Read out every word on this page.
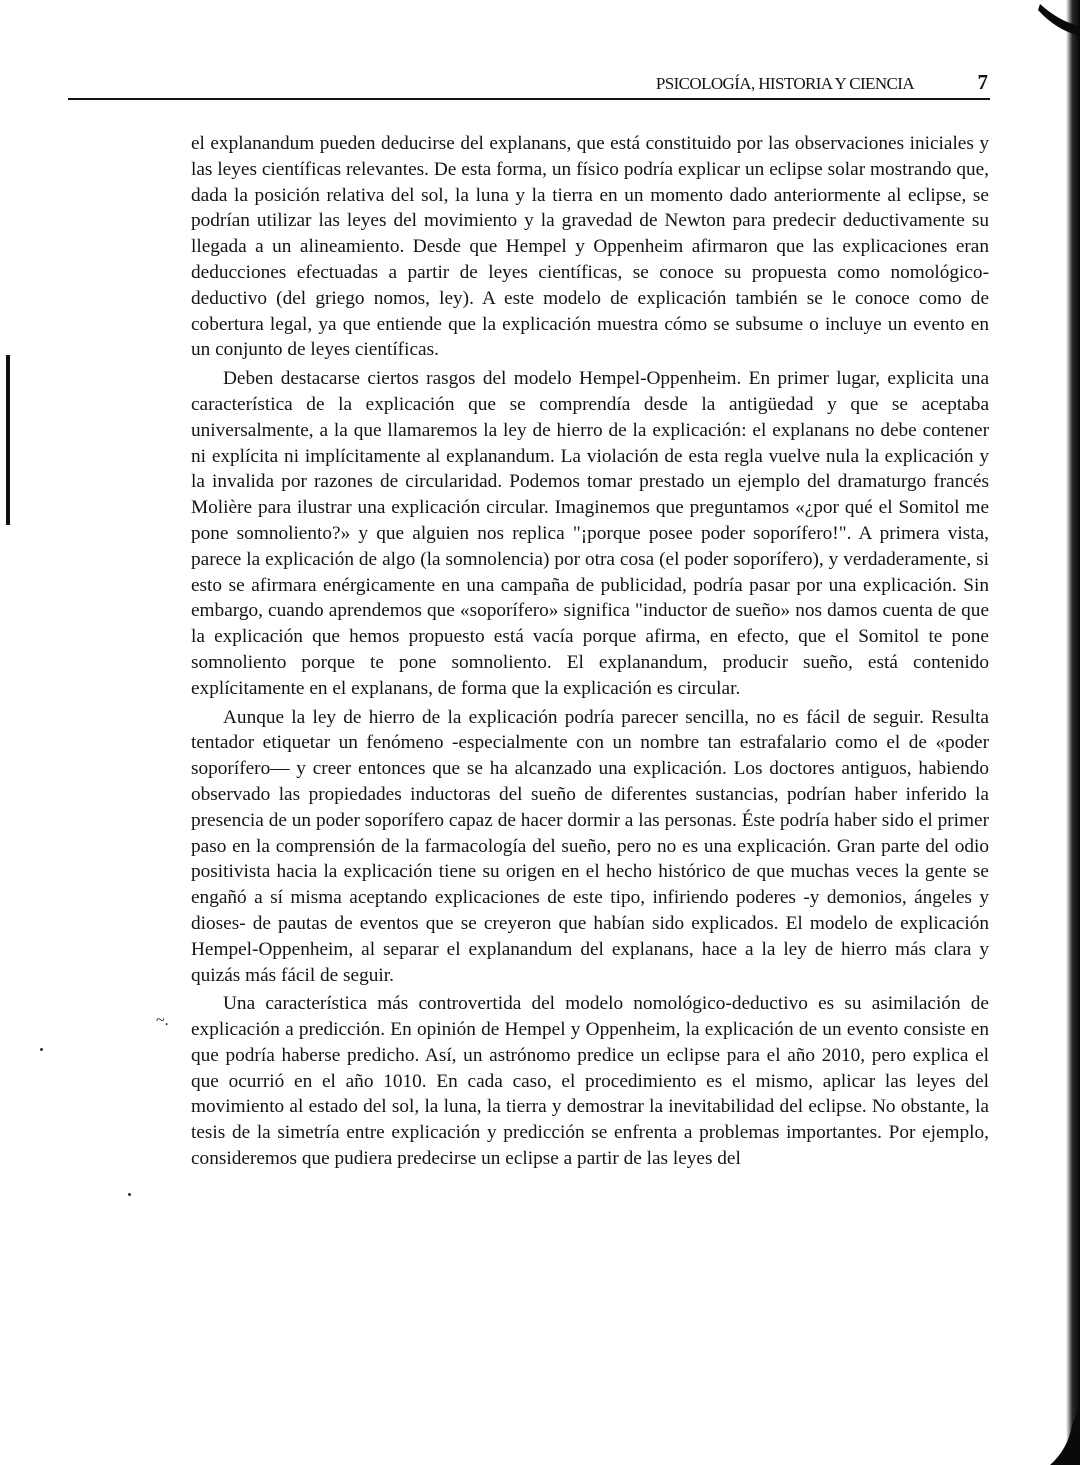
PSICOLOGÍA, HISTORIA Y CIENCIA	7
~.

el explanandum pueden deducirse del explanans, que está constituido por las observaciones iniciales y las leyes científicas relevantes. De esta forma, un físico podría explicar un eclipse solar mostrando que, dada la posición relativa del sol, la luna y la tierra en un momento dado anteriormente al eclipse, se podrían utilizar las leyes del movimiento y la gravedad de Newton para predecir deductivamente su llegada a un alineamiento. Desde que Hempel y Oppenheim afirmaron que las explicaciones eran deducciones efectuadas a partir de leyes científicas, se conoce su propuesta como nomológico-deductivo (del griego nomos, ley). A este modelo de explicación también se le conoce como de cobertura legal, ya que entiende que la explicación muestra cómo se subsume o incluye un evento en un conjunto de leyes científicas.

Deben destacarse ciertos rasgos del modelo Hempel-Oppenheim. En primer lugar, explicita una característica de la explicación que se comprendía desde la antigüedad y que se aceptaba universalmente, a la que llamaremos la ley de hierro de la explicación: el explanans no debe contener ni explícita ni implícitamente al explanandum. La violación de esta regla vuelve nula la explicación y la invalida por razones de circularidad. Podemos tomar prestado un ejemplo del dramaturgo francés Molière para ilustrar una explicación circular. Imaginemos que preguntamos «¿por qué el Somitol me pone somnoliento?» y que alguien nos replica "¡porque posee poder soporífero!". A primera vista, parece la explicación de algo (la somnolencia) por otra cosa (el poder soporífero), y verdaderamente, si esto se afirmara enérgicamente en una campaña de publicidad, podría pasar por una explicación. Sin embargo, cuando aprendemos que «soporífero» significa "inductor de sueño» nos damos cuenta de que la explicación que hemos propuesto está vacía porque afirma, en efecto, que el Somitol te pone somnoliento porque te pone somnoliento. El explanandum, producir sueño, está contenido explícitamente en el explanans, de forma que la explicación es circular.

Aunque la ley de hierro de la explicación podría parecer sencilla, no es fácil de seguir. Resulta tentador etiquetar un fenómeno -especialmente con un nombre tan estrafalario como el de «poder soporífero— y creer entonces que se ha alcanzado una explicación. Los doctores antiguos, habiendo observado las propiedades inductoras del sueño de diferentes sustancias, podrían haber inferido la presencia de un poder soporífero capaz de hacer dormir a las personas. Éste podría haber sido el primer paso en la comprensión de la farmacología del sueño, pero no es una explicación. Gran parte del odio positivista hacia la explicación tiene su origen en el hecho histórico de que muchas veces la gente se engañó a sí misma aceptando explicaciones de este tipo, infiriendo poderes -y demonios, ángeles y dioses- de pautas de eventos que se creyeron que habían sido explicados. El modelo de explicación Hempel-Oppenheim, al separar el explanandum del explanans, hace a la ley de hierro más clara y quizás más fácil de seguir.

Una característica más controvertida del modelo nomológico-deductivo es su asimilación de explicación a predicción. En opinión de Hempel y Oppenheim, la explicación de un evento consiste en que podría haberse predicho. Así, un astrónomo predice un eclipse para el año 2010, pero explica el que ocurrió en el año 1010. En cada caso, el procedimiento es el mismo, aplicar las leyes del movimiento al estado del sol, la luna, la tierra y demostrar la inevitabilidad del eclipse. No obstante, la tesis de la simetría entre explicación y predicción se enfrenta a problemas importantes. Por ejemplo, consideremos que pudiera predecirse un eclipse a partir de las leyes del
